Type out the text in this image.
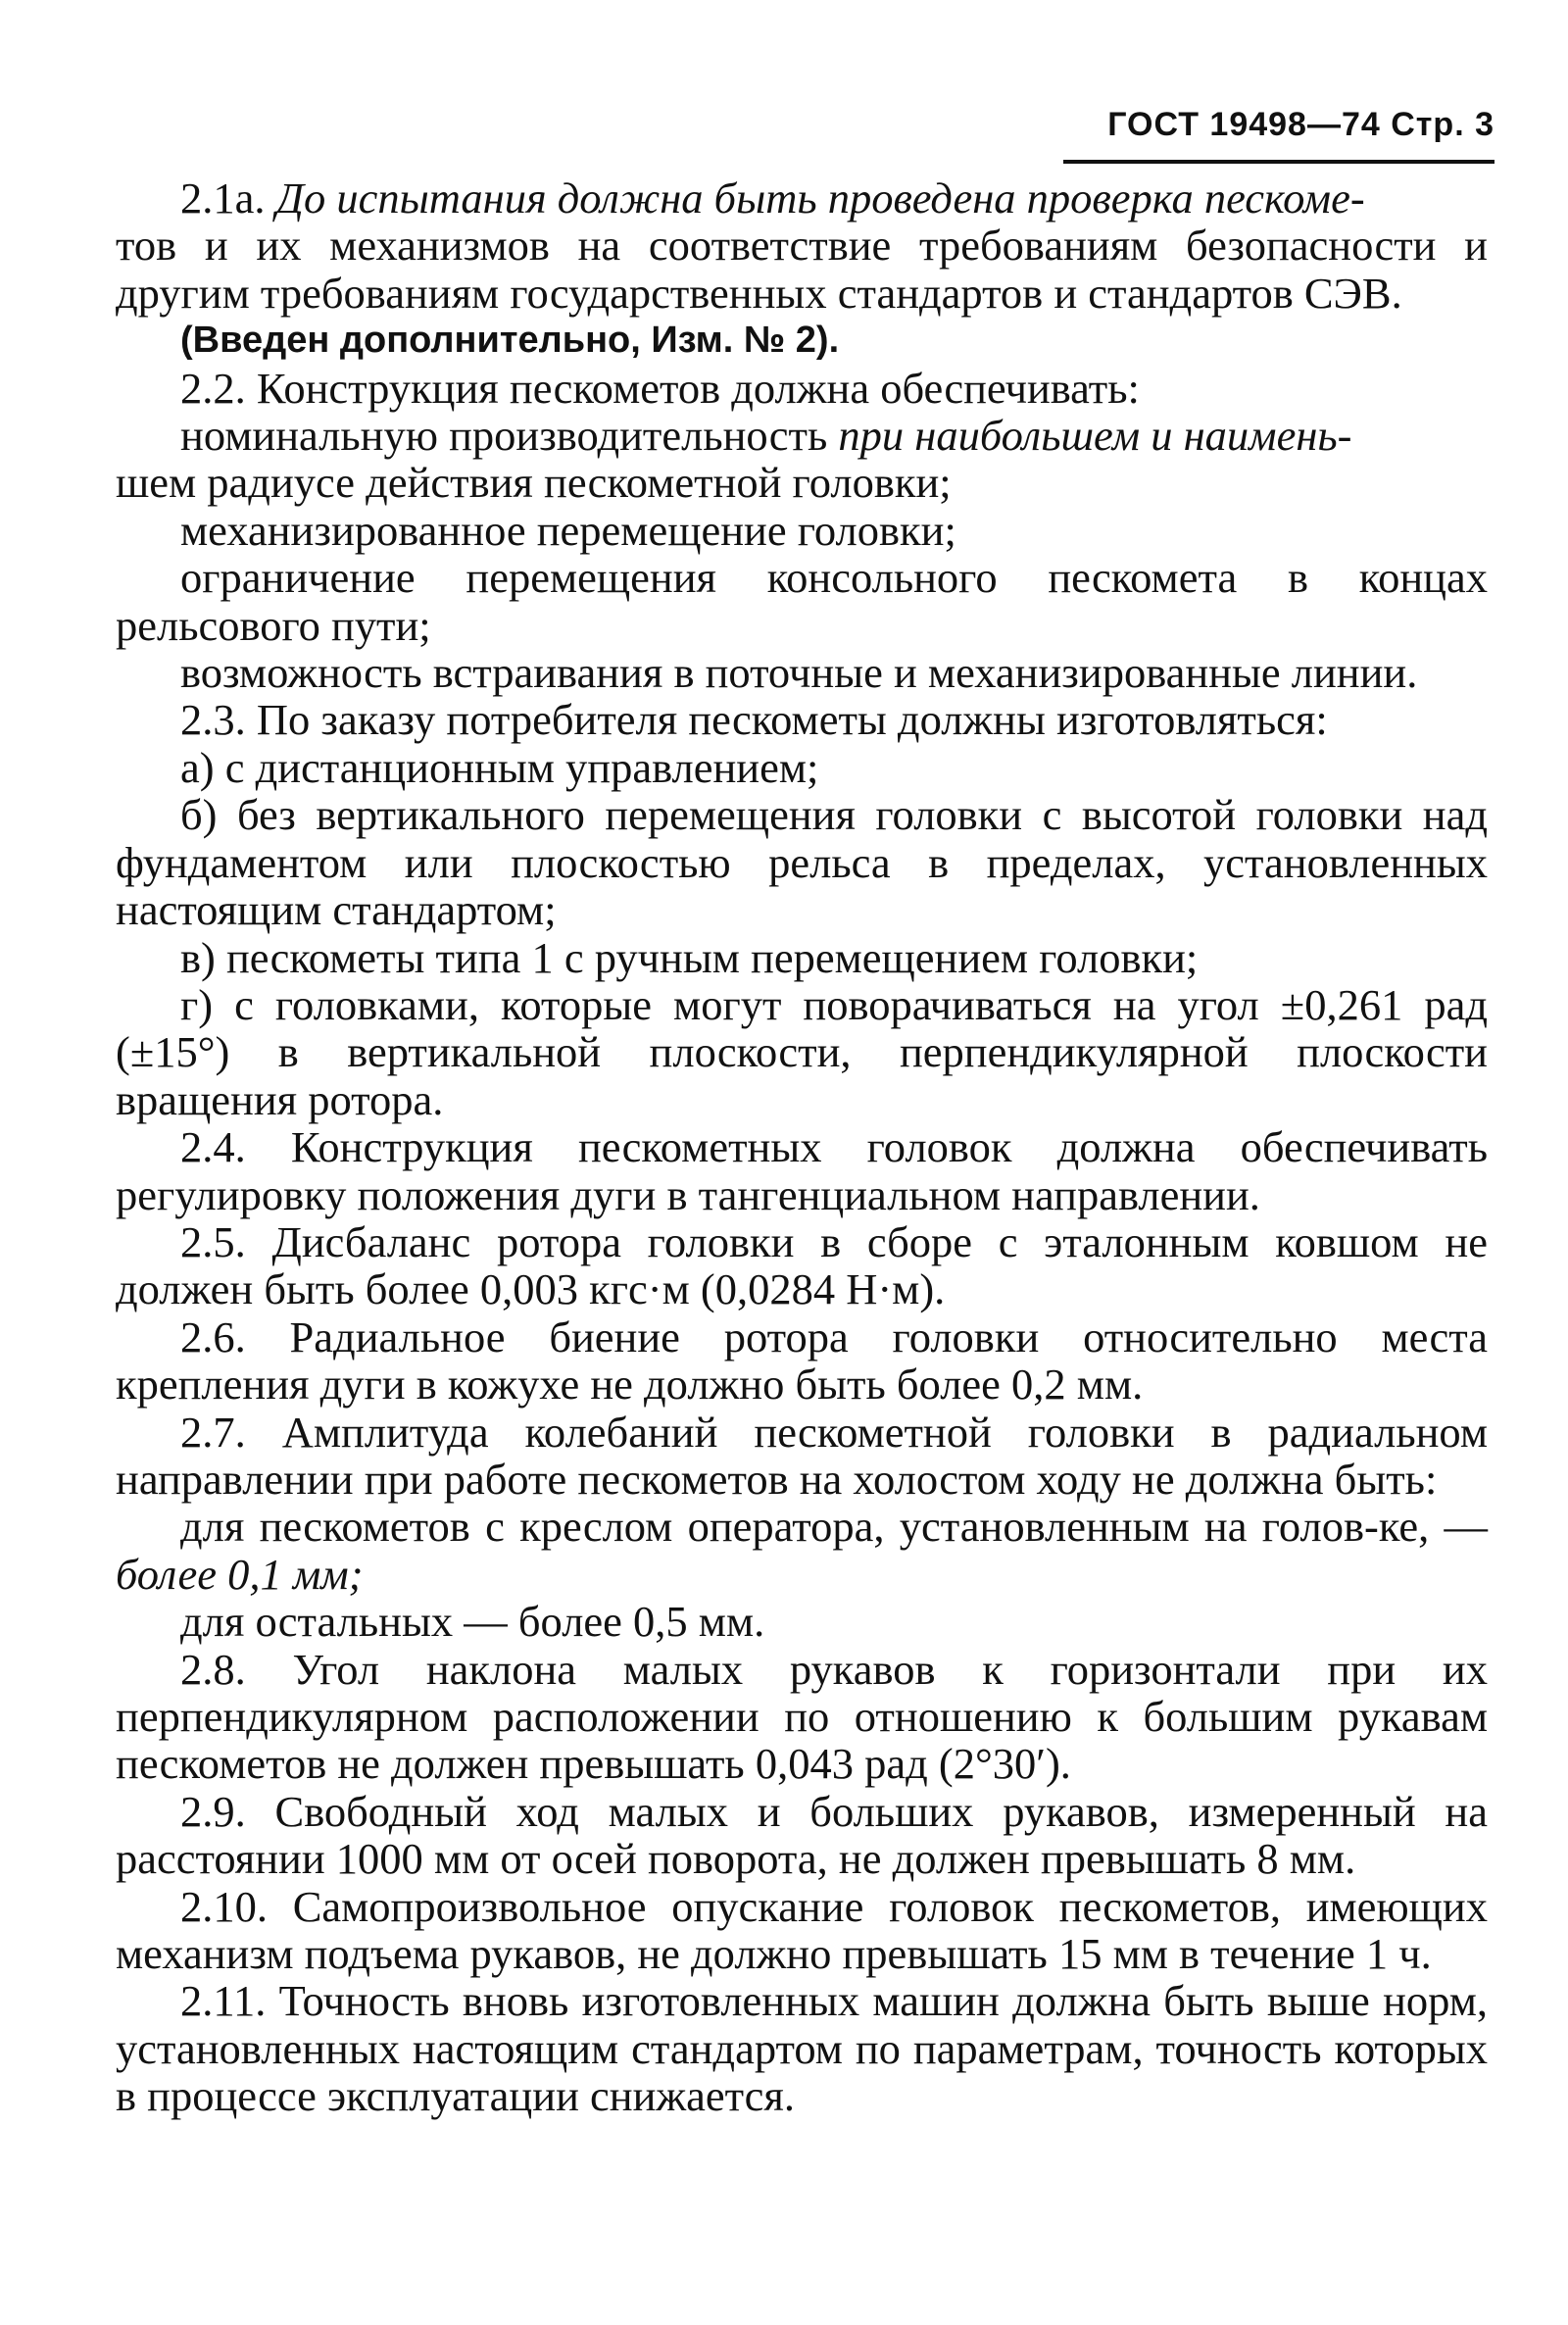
ГОСТ 19498—74 Стр. 3

2.1а. До испытания должна быть проведена проверка пескоме-
тов и их механизмов на соответствие требованиям безопасности и другим требованиям государственных стандартов и стандартов СЭВ.

(Введен дополнительно, Изм. № 2).

2.2. Конструкция пескометов должна обеспечивать:

номинальную производительность при наибольшем и наимень-
шем радиусе действия пескометной головки;

механизированное перемещение головки;

ограничение перемещения консольного пескомета в концах рельсового пути;

возможность встраивания в поточные и механизированные линии.

2.3. По заказу потребителя пескометы должны изготовляться:

а) с дистанционным управлением;

б) без вертикального перемещения головки с высотой головки над фундаментом или плоскостью рельса в пределах, установленных настоящим стандартом;

в) пескометы типа 1 с ручным перемещением головки;

г) с головками, которые могут поворачиваться на угол ±0,261 рад (±15°) в вертикальной плоскости, перпендикулярной плоскости вращения ротора.

2.4. Конструкция пескометных головок должна обеспечивать регулировку положения дуги в тангенциальном направлении.

2.5. Дисбаланс ротора головки в сборе с эталонным ковшом не должен быть более 0,003 кгс·м (0,0284 Н·м).

2.6. Радиальное биение ротора головки относительно места крепления дуги в кожухе не должно быть более 0,2 мм.

2.7. Амплитуда колебаний пескометной головки в радиальном направлении при работе пескометов на холостом ходу не должна быть:

для пескометов с креслом оператора, установленным на голов-ке, — более 0,1 мм;

для остальных — более 0,5 мм.

2.8. Угол наклона малых рукавов к горизонтали при их перпендикулярном расположении по отношению к большим рукавам пескометов не должен превышать 0,043 рад (2°30′).

2.9. Свободный ход малых и больших рукавов, измеренный на расстоянии 1000 мм от осей поворота, не должен превышать 8 мм.

2.10. Самопроизвольное опускание головок пескометов, имеющих механизм подъема рукавов, не должно превышать 15 мм в течение 1 ч.

2.11. Точность вновь изготовленных машин должна быть выше норм, установленных настоящим стандартом по параметрам, точность которых в процессе эксплуатации снижается.
